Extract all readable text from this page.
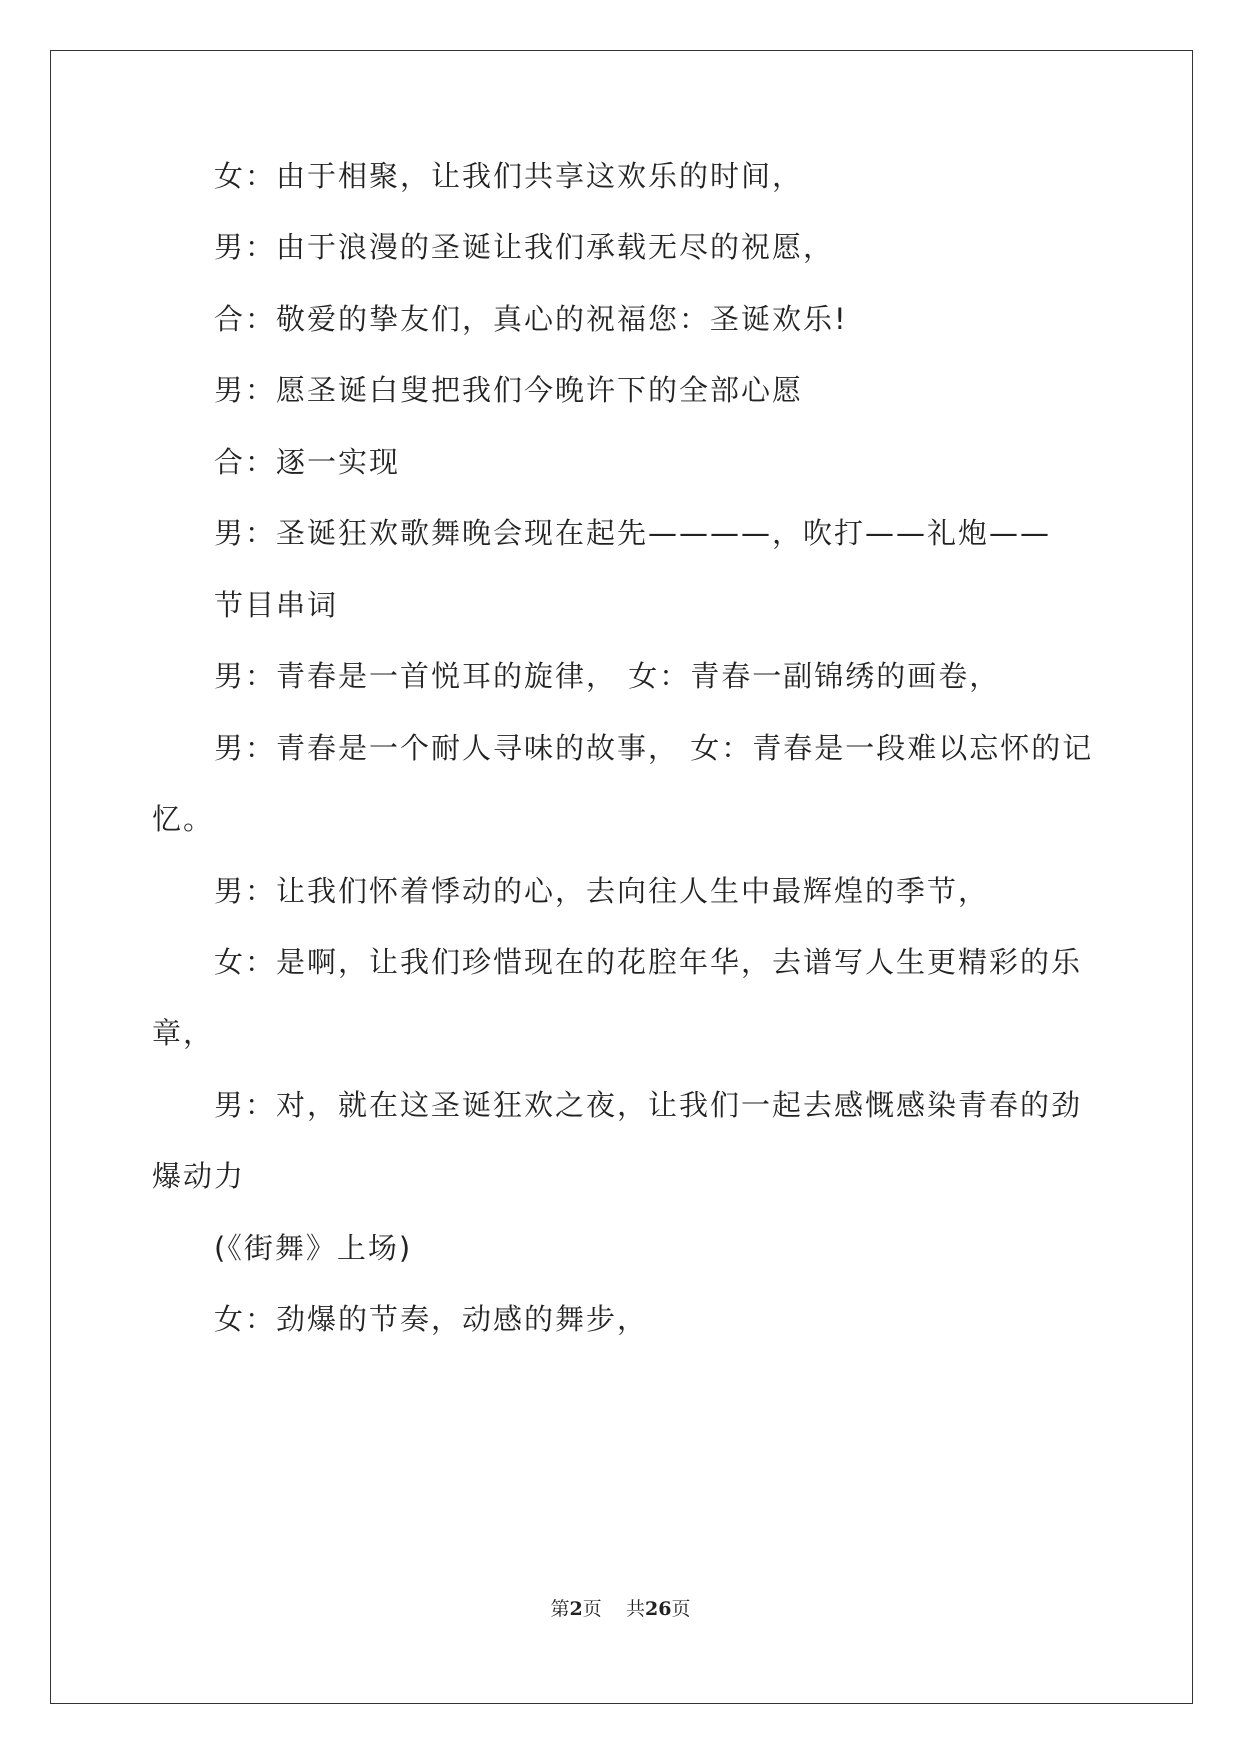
女：由于相聚，让我们共享这欢乐的时间，
男：由于浪漫的圣诞让我们承载无尽的祝愿，
合：敬爱的挚友们，真心的祝福您：圣诞欢乐!
男：愿圣诞白叟把我们今晚许下的全部心愿
合：逐一实现
男：圣诞狂欢歌舞晚会现在起先————，吹打——礼炮——
节目串词
男：青春是一首悦耳的旋律， 女：青春一副锦绣的画卷，
男：青春是一个耐人寻味的故事， 女：青春是一段难以忘怀的记
忆。
男：让我们怀着悸动的心，去向往人生中最辉煌的季节，
女：是啊，让我们珍惜现在的花腔年华，去谱写人生更精彩的乐
章，
男：对，就在这圣诞狂欢之夜，让我们一起去感慨感染青春的劲
爆动力
(《街舞》上场)
女：劲爆的节奏，动感的舞步，
第2页 共26页
